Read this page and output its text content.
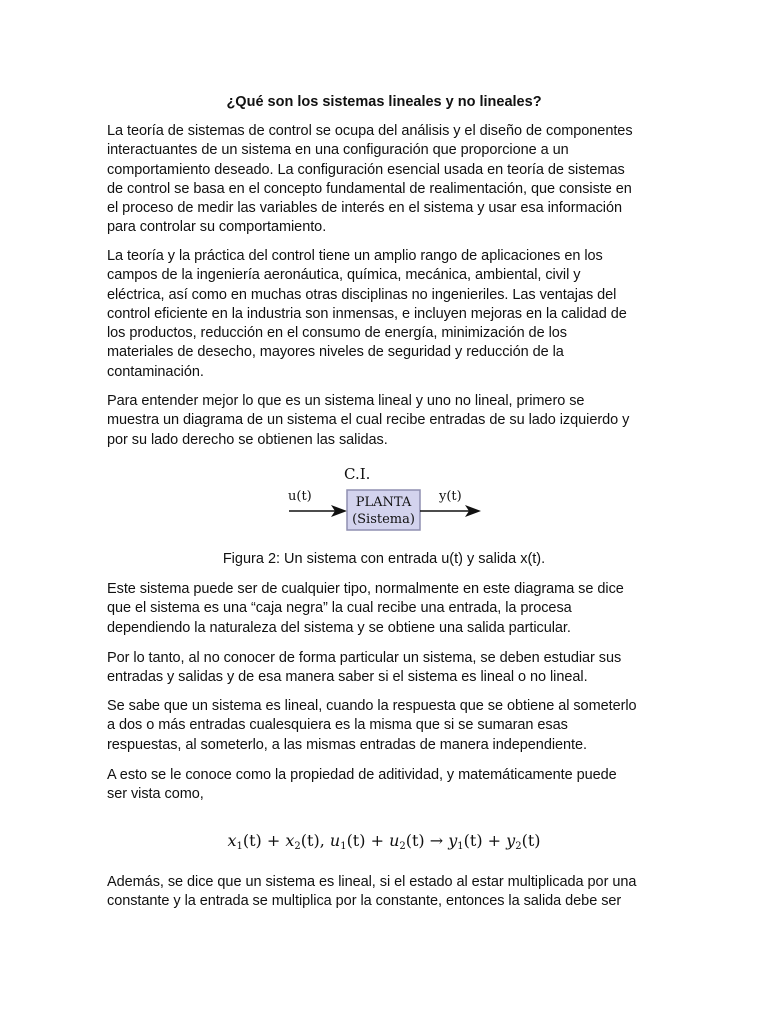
¿Qué son los sistemas lineales y no lineales?

La teoría de sistemas de control se ocupa del análisis y el diseño de componentes
interactuantes de un sistema en una configuración que proporcione a un
comportamiento deseado. La configuración esencial usada en teoría de sistemas
de control se basa en el concepto fundamental de realimentación, que consiste en
el proceso de medir las variables de interés en el sistema y usar esa información
para controlar su comportamiento.

La teoría y la práctica del control tiene un amplio rango de aplicaciones en los
campos de la ingeniería aeronáutica, química, mecánica, ambiental, civil y
eléctrica, así como en muchas otras disciplinas no ingenieriles. Las ventajas del
control eficiente en la industria son inmensas, e incluyen mejoras en la calidad de
los productos, reducción en el consumo de energía, minimización de los
materiales de desecho, mayores niveles de seguridad y reducción de la
contaminación.

Para entender mejor lo que es un sistema lineal y uno no lineal, primero se
muestra un diagrama de un sistema el cual recibe entradas de su lado izquierdo y
por su lado derecho se obtienen las salidas.

C.I.
u(t)	y(t)
PLANTA
(Sistema)
Figura 2: Un sistema con entrada u(t) y salida x(t).

Este sistema puede ser de cualquier tipo, normalmente en este diagrama se dice
que el sistema es una “caja negra” la cual recibe una entrada, la procesa
dependiendo la naturaleza del sistema y se obtiene una salida particular.

Por lo tanto, al no conocer de forma particular un sistema, se deben estudiar sus
entradas y salidas y de esa manera saber si el sistema es lineal o no lineal.

Se sabe que un sistema es lineal, cuando la respuesta que se obtiene al someterlo
a dos o más entradas cualesquiera es la misma que si se sumaran esas
respuestas, al someterlo, a las mismas entradas de manera independiente.

A esto se le conoce como la propiedad de aditividad, y matemáticamente puede
ser vista como,

$x_1(t) + x_2(t)$, $u_1(t) + u_2(t) \to y_1(t) + y_2(t)$

Además, se dice que un sistema es lineal, si el estado al estar multiplicada por una
constante y la entrada se multiplica por la constante, entonces la salida debe ser
